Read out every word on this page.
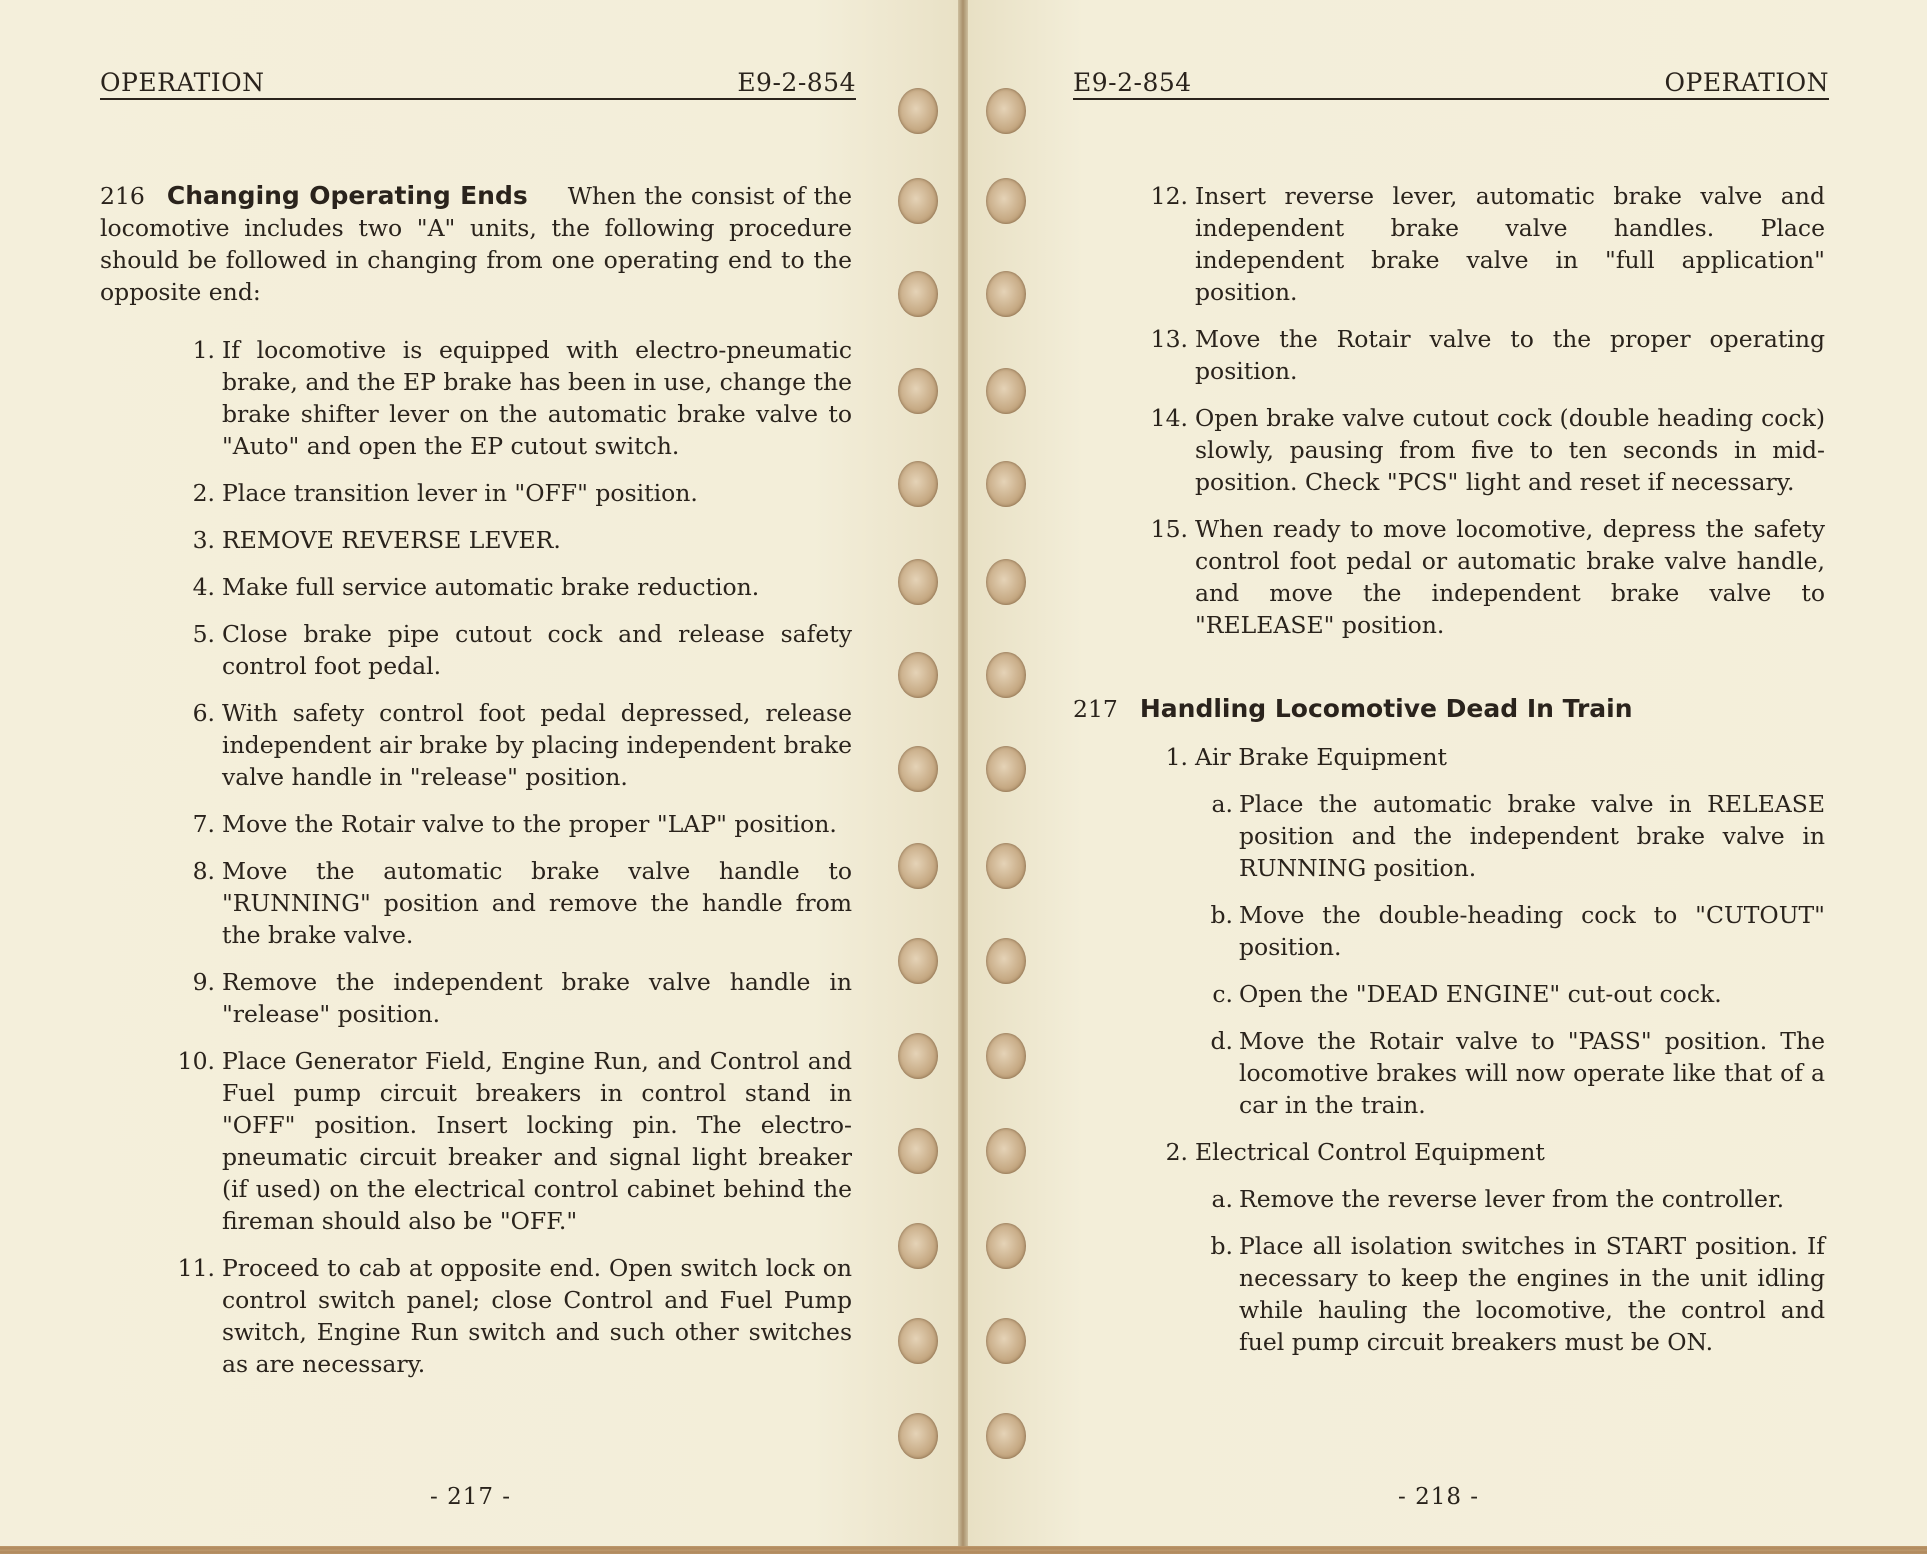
OPERATION	E9-2-854
216 Changing Operating Ends When the consist of the locomotive includes two "A" units, the following procedure should be followed in changing from one operating end to the opposite end:
1. If locomotive is equipped with electro-pneumatic brake, and the EP brake has been in use, change the brake shifter lever on the automatic brake valve to "Auto" and open the EP cutout switch.
2. Place transition lever in "OFF" position.
3. REMOVE REVERSE LEVER.
4. Make full service automatic brake reduction.
5. Close brake pipe cutout cock and release safety control foot pedal.
6. With safety control foot pedal depressed, release independent air brake by placing independent brake valve handle in "release" position.
7. Move the Rotair valve to the proper "LAP" position.
8. Move the automatic brake valve handle to "RUNNING" position and remove the handle from the brake valve.
9. Remove the independent brake valve handle in "release" position.
10. Place Generator Field, Engine Run, and Control and Fuel pump circuit breakers in control stand in "OFF" position. Insert locking pin. The electro-pneumatic circuit breaker and signal light breaker (if used) on the electrical control cabinet behind the fireman should also be "OFF."
11. Proceed to cab at opposite end. Open switch lock on control switch panel; close Control and Fuel Pump switch, Engine Run switch and such other switches as are necessary.
- 217 -
E9-2-854	OPERATION
12. Insert reverse lever, automatic brake valve and independent brake valve handles. Place independent brake valve in "full application" position.
13. Move the Rotair valve to the proper operating position.
14. Open brake valve cutout cock (double heading cock) slowly, pausing from five to ten seconds in mid-position. Check "PCS" light and reset if necessary.
15. When ready to move locomotive, depress the safety control foot pedal or automatic brake valve handle, and move the independent brake valve to "RELEASE" position.
217 Handling Locomotive Dead In Train
1. Air Brake Equipment
a. Place the automatic brake valve in RELEASE position and the independent brake valve in RUNNING position.
b. Move the double-heading cock to "CUTOUT" position.
c. Open the "DEAD ENGINE" cut-out cock.
d. Move the Rotair valve to "PASS" position. The locomotive brakes will now operate like that of a car in the train.
2. Electrical Control Equipment
a. Remove the reverse lever from the controller.
b. Place all isolation switches in START position. If necessary to keep the engines in the unit idling while hauling the locomotive, the control and fuel pump circuit breakers must be ON.
- 218 -
